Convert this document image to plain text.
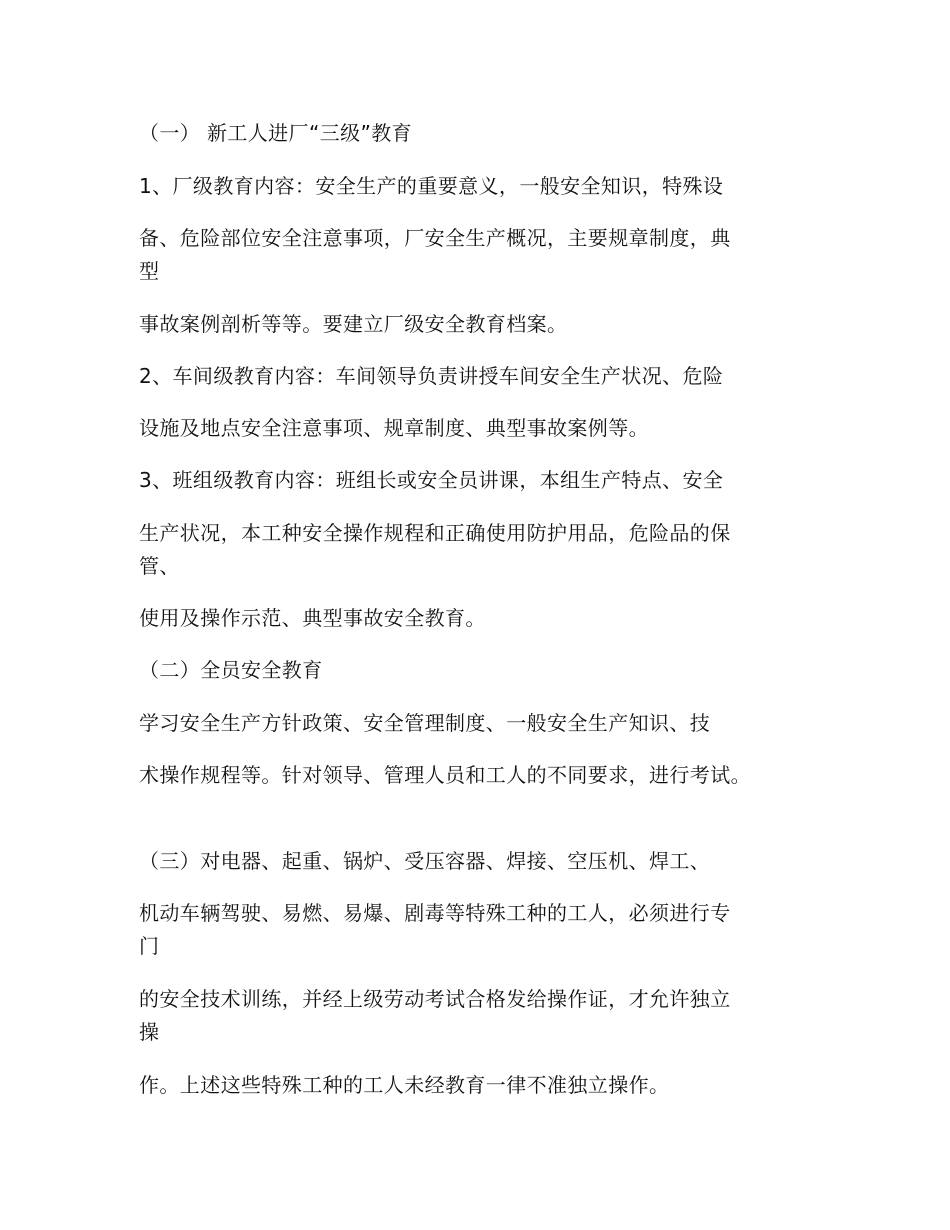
（一） 新工人进厂“三级”教育
1、厂级教育内容：安全生产的重要意义，一般安全知识，特殊设
备、危险部位安全注意事项，厂安全生产概况，主要规章制度，典
型
事故案例剖析等等。要建立厂级安全教育档案。
2、车间级教育内容：车间领导负责讲授车间安全生产状况、危险
设施及地点安全注意事项、规章制度、典型事故案例等。
3、班组级教育内容：班组长或安全员讲课，本组生产特点、安全
生产状况，本工种安全操作规程和正确使用防护用品，危险品的保
管、
使用及操作示范、典型事故安全教育。
（二）全员安全教育
学习安全生产方针政策、安全管理制度、一般安全生产知识、技
术操作规程等。针对领导、管理人员和工人的不同要求，进行考试。
（三）对电器、起重、锅炉、受压容器、焊接、空压机、焊工、
机动车辆驾驶、易燃、易爆、剧毒等特殊工种的工人，必须进行专
门
的安全技术训练，并经上级劳动考试合格发给操作证，才允许独立
操
作。上述这些特殊工种的工人未经教育一律不准独立操作。
